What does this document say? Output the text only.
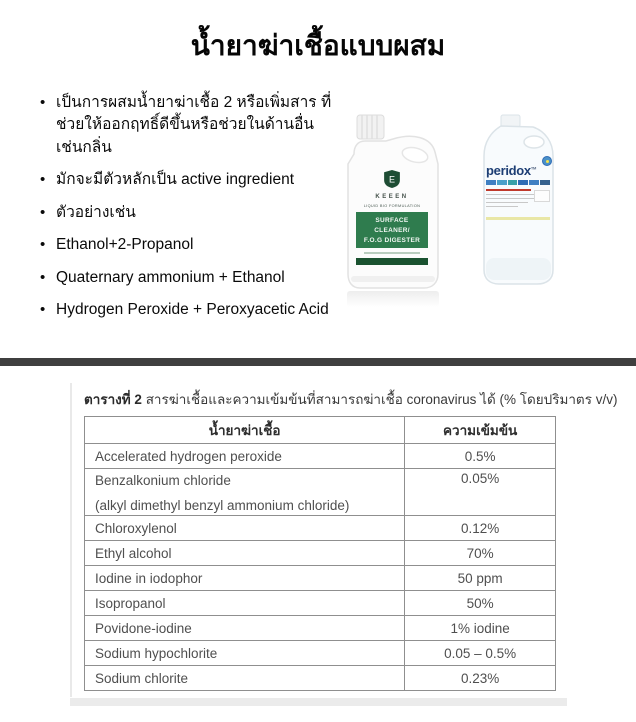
น้ำยาฆ่าเชื้อแบบผสม
• เป็นการผสมน้ำยาฆ่าเชื้อ 2 หรือเพิ่มสาร ที่ช่วยให้ออกฤทธิ์ดีขึ้นหรือช่วยในด้านอื่น เช่นกลิ่น
• มักจะมีตัวหลักเป็น active ingredient
• ตัวอย่างเช่น
• Ethanol+2-Propanol
• Quaternary ammonium + Ethanol
• Hydrogen Peroxide + Peroxyacetic Acid
E
KEEEN
LIQUID BIO FORMULATION
SURFACE CLEANER/
F.O.G DIGESTER
peridox™
ตารางที่ 2 สารฆ่าเชื้อและความเข้มข้นที่สามารถฆ่าเชื้อ coronavirus ได้ (% โดยปริมาตร v/v)
น้ำยาฆ่าเชื้อ	ความเข้มข้น

Accelerated hydrogen peroxide	0.5%

Benzalkonium chloride
(alkyl dimethyl benzyl ammonium chloride)	0.05%

Chloroxylenol	0.12%

Ethyl alcohol	70%

Iodine in iodophor	50 ppm

Isopropanol	50%

Povidone-iodine	1% iodine

Sodium hypochlorite	0.05 – 0.5%

Sodium chlorite	0.23%
